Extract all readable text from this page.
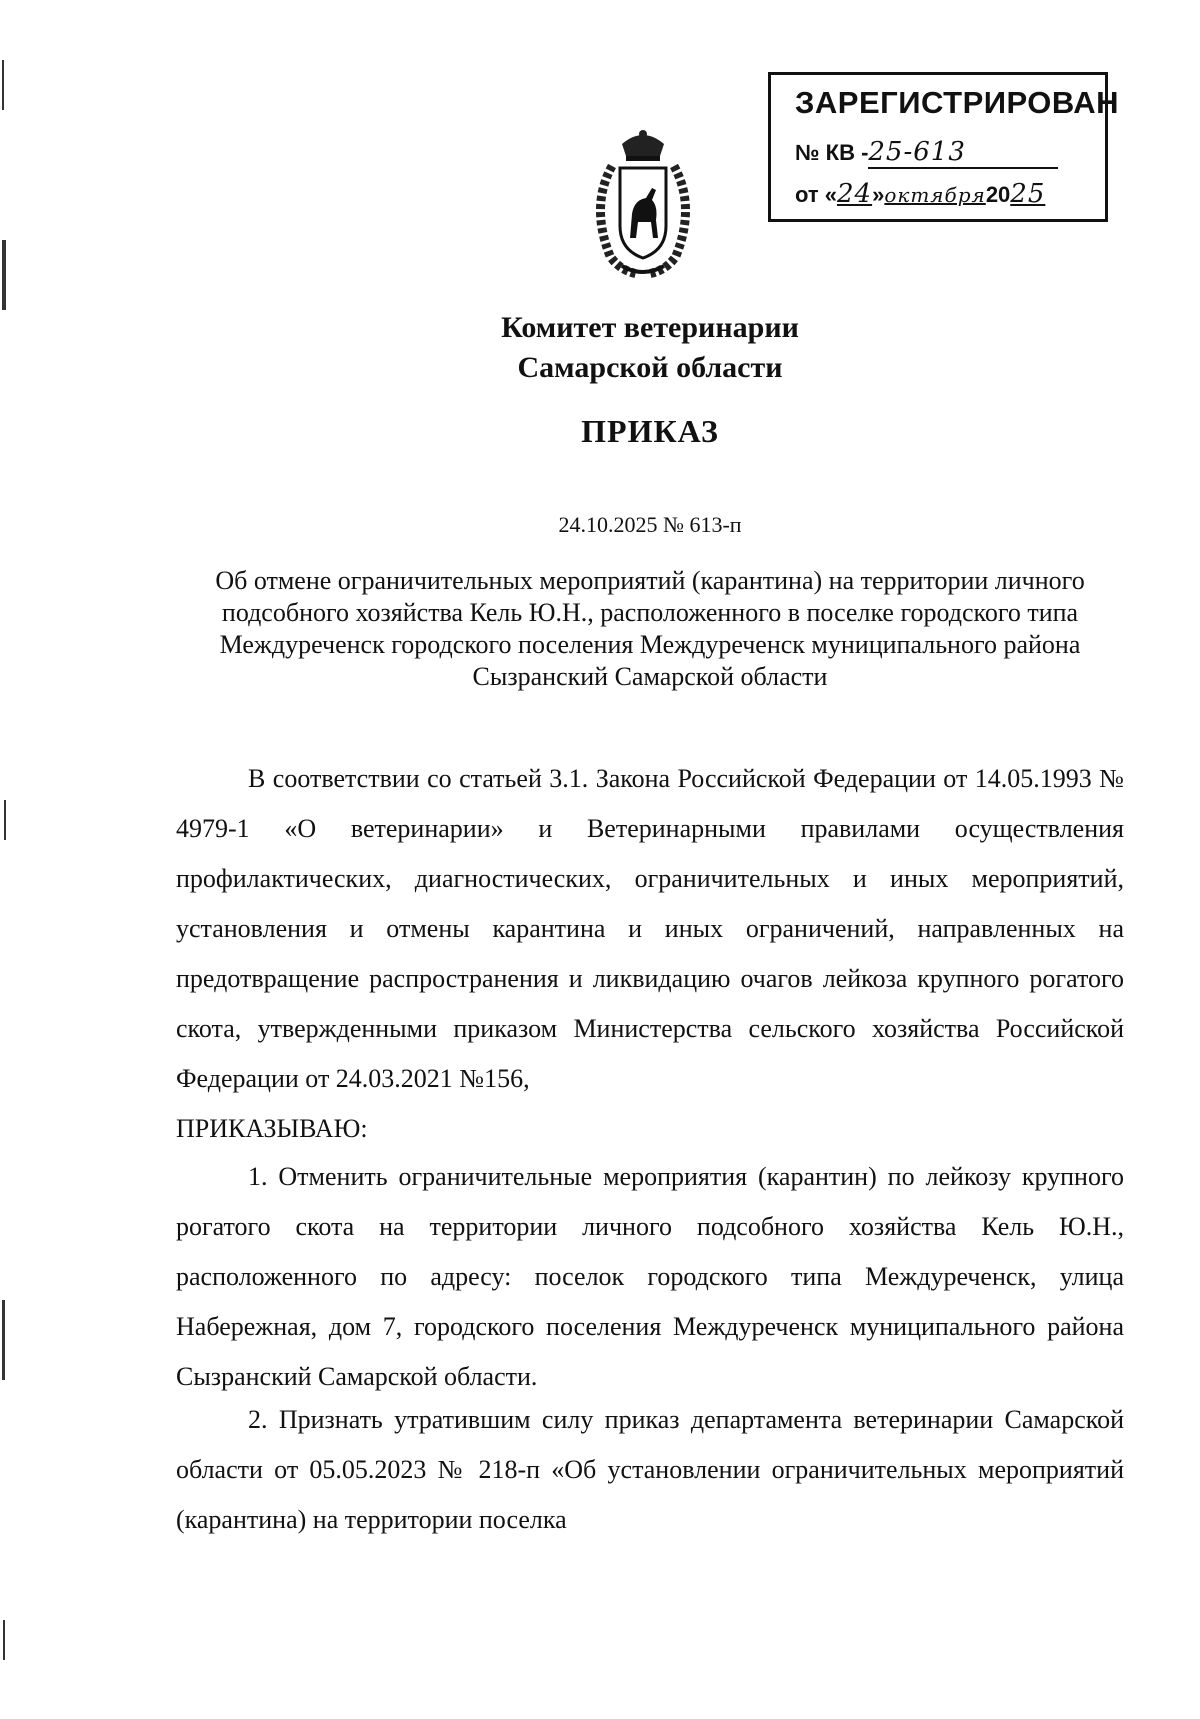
ЗАРЕГИСТРИРОВАН
№ КВ -25-613
от «24»октября2025
Комитет ветеринарии
Самарской области
ПРИКАЗ
24.10.2025 № 613-п
Об отмене ограничительных мероприятий (карантина) на территории личного подсобного хозяйства Кель Ю.Н., расположенного в поселке городского типа Междуреченск городского поселения Междуреченск муниципального района Сызранский Самарской области

В соответствии со статьей 3.1. Закона Российской Федерации от 14.05.1993 № 4979-1 «О ветеринарии» и Ветеринарными правилами осуществления профилактических, диагностических, ограничительных и иных мероприятий, установления и отмены карантина и иных ограничений, направленных на предотвращение распространения и ликвидацию очагов лейкоза крупного рогатого скота, утвержденными приказом Министерства сельского хозяйства Российской Федерации от 24.03.2021 №156,

ПРИКАЗЫВАЮ:

1. Отменить ограничительные мероприятия (карантин) по лейкозу крупного рогатого скота на территории личного подсобного хозяйства Кель Ю.Н., расположенного по адресу: поселок городского типа Междуреченск, улица Набережная, дом 7, городского поселения Междуреченск муниципального района Сызранский Самарской области.

2. Признать утратившим силу приказ департамента ветеринарии Самарской области от 05.05.2023 № 218-п «Об установлении ограничительных мероприятий (карантина) на территории поселка
